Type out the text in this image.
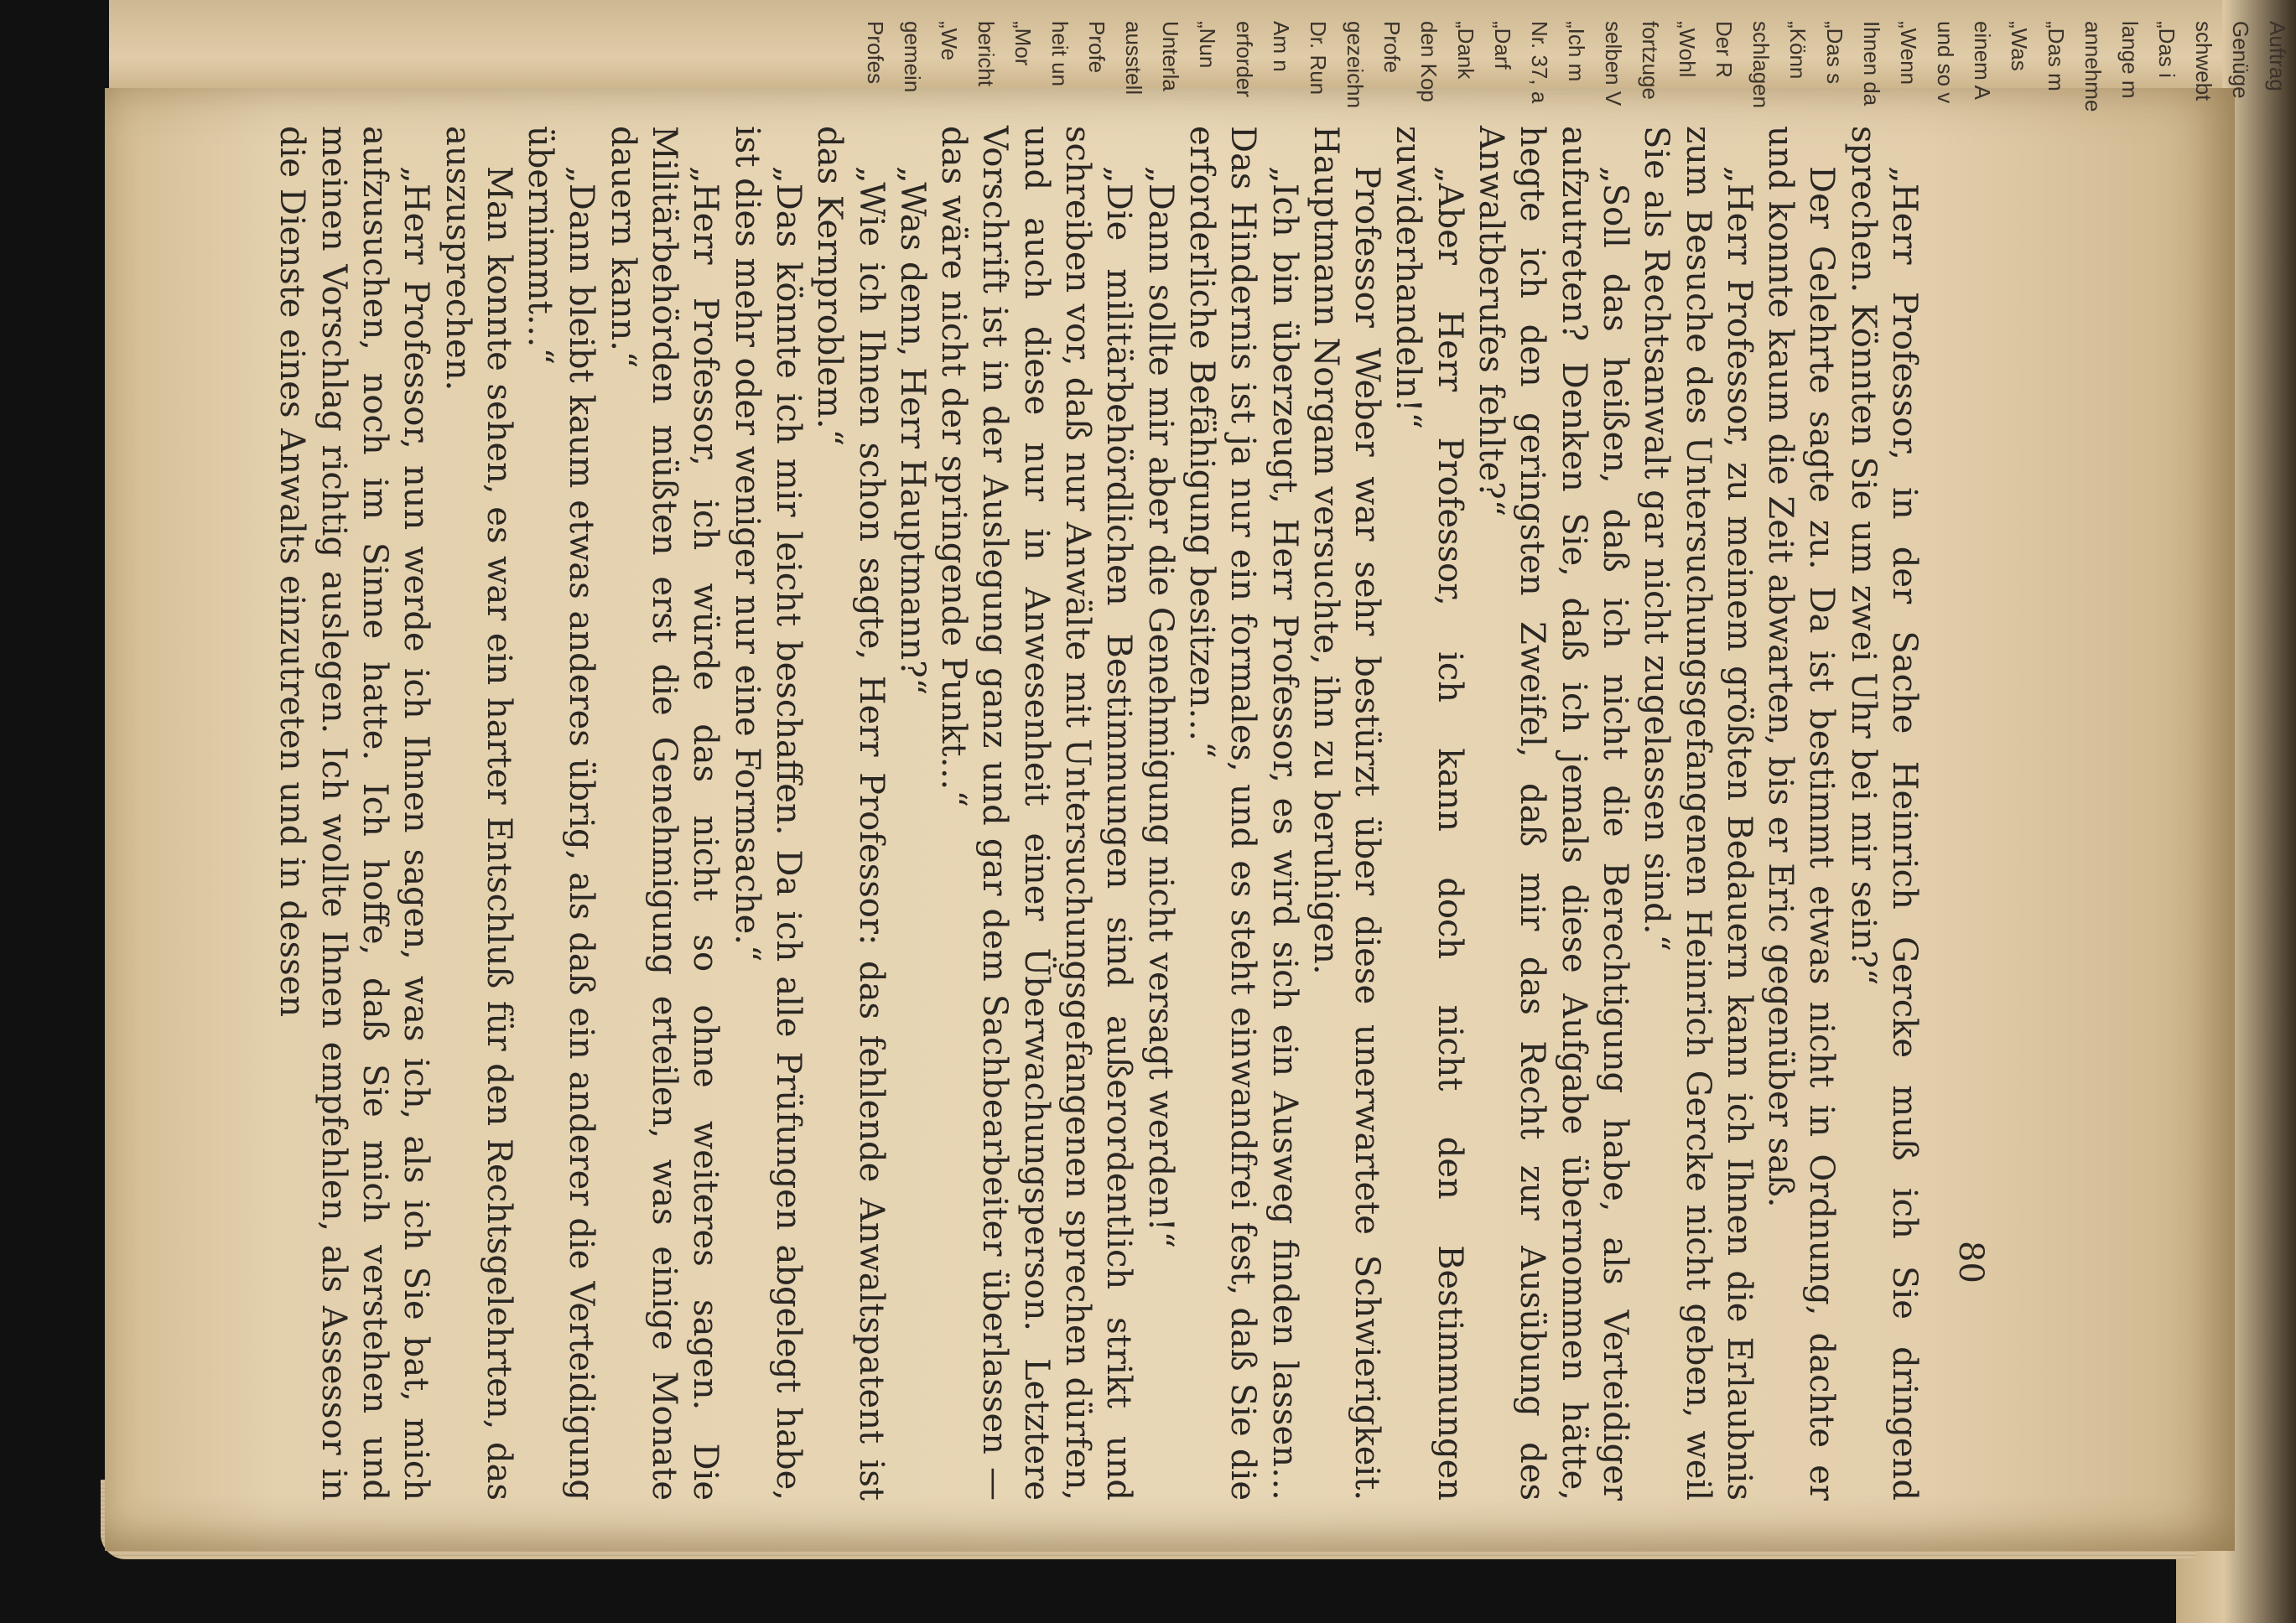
„Herr Professor, in der Sache Heinrich Gercke muß ich Sie dringend sprechen. Könnten Sie um zwei Uhr bei mir sein?“

Der Gelehrte sagte zu. Da ist bestimmt etwas nicht in Ordnung, dachte er und konnte kaum die Zeit abwarten, bis er Eric gegenüber saß.

„Herr Professor, zu meinem größten Bedauern kann ich Ihnen die Erlaubnis zum Besuche des Untersuchungsgefangenen Heinrich Gercke nicht geben, weil Sie als Rechtsanwalt gar nicht zugelassen sind.“

„Soll das heißen, daß ich nicht die Berechtigung habe, als Verteidiger aufzutreten? Denken Sie, daß ich jemals diese Aufgabe übernommen hätte, hegte ich den geringsten Zweifel, daß mir das Recht zur Ausübung des Anwaltberufes fehlte?“

„Aber Herr Professor, ich kann doch nicht den Bestimmungen zuwiderhandeln!“

Professor Weber war sehr bestürzt über diese unerwartete Schwierigkeit. Hauptmann Norgam versuchte, ihn zu beruhigen.

„Ich bin überzeugt, Herr Professor, es wird sich ein Ausweg finden lassen… Das Hindernis ist ja nur ein formales, und es steht einwandfrei fest, daß Sie die erforderliche Befähigung besitzen…“

„Dann sollte mir aber die Genehmigung nicht versagt werden!“

„Die militärbehördlichen Bestimmungen sind außerordentlich strikt und schreiben vor, daß nur Anwälte mit Untersuchungsgefangenen sprechen dürfen, und auch diese nur in Anwesenheit einer Überwachungsperson. Letztere Vorschrift ist in der Auslegung ganz und gar dem Sachbearbeiter überlassen — das wäre nicht der springende Punkt…“

„Was denn, Herr Hauptmann?“

„Wie ich Ihnen schon sagte, Herr Professor: das fehlende Anwaltspatent ist das Kernproblem.“

„Das könnte ich mir leicht beschaffen. Da ich alle Prüfungen abgelegt habe, ist dies mehr oder weniger nur eine Formsache.“

„Herr Professor, ich würde das nicht so ohne weiteres sagen. Die Militärbehörden müßten erst die Genehmigung erteilen, was einige Monate dauern kann.“

„Dann bleibt kaum etwas anderes übrig, als daß ein anderer die Verteidigung übernimmt…“

Man konnte sehen, es war ein harter Entschluß für den Rechtsgelehrten, das auszusprechen.

„Herr Professor, nun werde ich Ihnen sagen, was ich, als ich Sie bat, mich aufzusuchen, noch im Sinne hatte. Ich hoffe, daß Sie mich verstehen und meinen Vorschlag richtig auslegen. Ich wollte Ihnen empfehlen, als Assessor in die Dienste eines Anwalts einzutreten und in dessen

80
Auftrag
Genüge
schwebt
„Das i
lange m
annehme
„Das m
„Was
einem A
und so v
„Wenn
Ihnen da
„Das s
„Könn
schlagen
Der R
„Wohl
fortzuge
selben V
„Ich m
Nr. 37, a
„Darf
„Dank
den Kop
Profe
gezeichn
Dr. Run
Am n
erforder
„Nun
Unterla
ausstell
Profe
heit un
„Mor
bericht
„We
gemein
Profes
